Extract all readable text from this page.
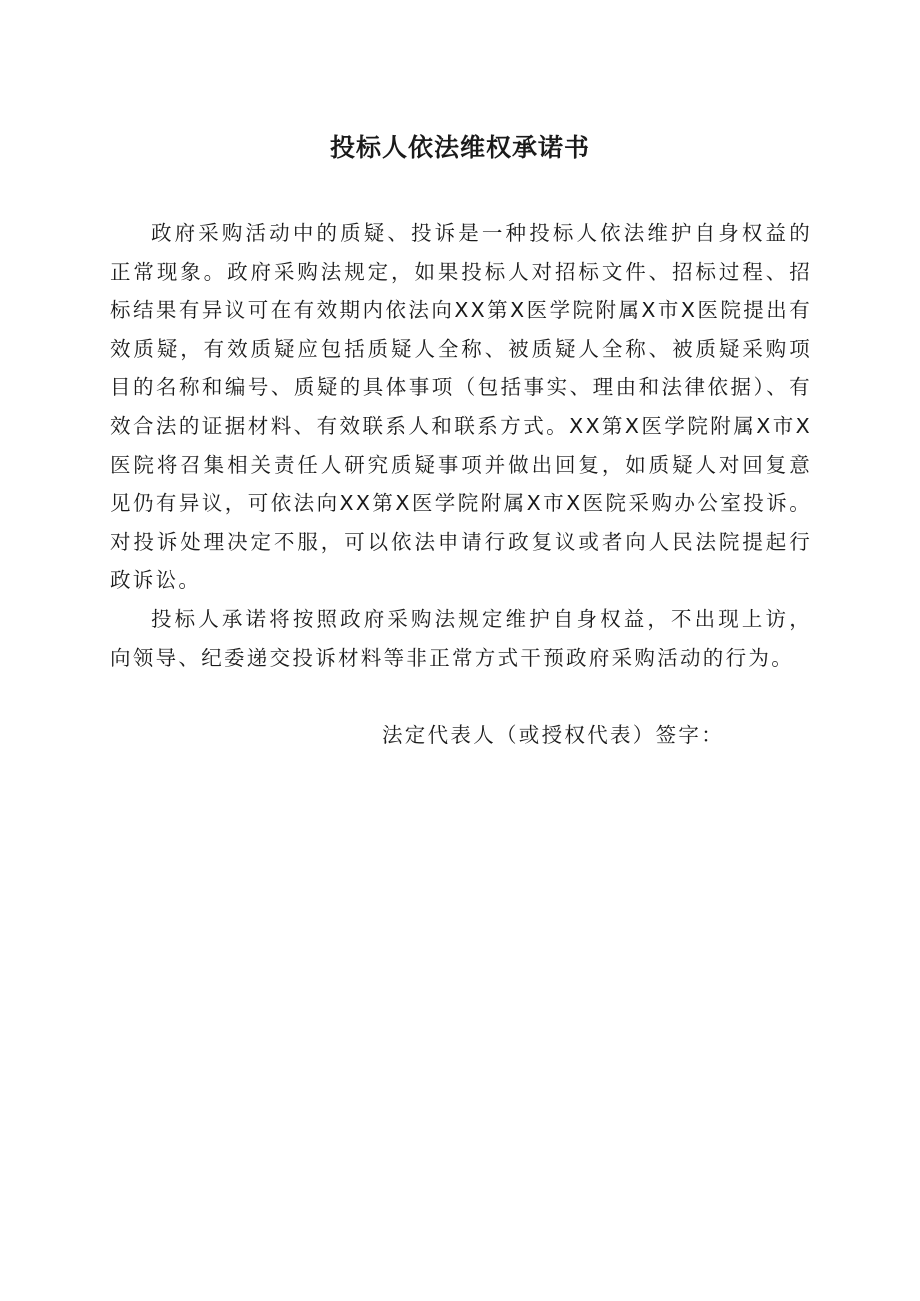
投标人依法维权承诺书

政府采购活动中的质疑、投诉是一种投标人依法维护自身权益的正常现象。政府采购法规定，如果投标人对招标文件、招标过程、招标结果有异议可在有效期内依法向XX第X医学院附属X市X医院提出有效质疑，有效质疑应包括质疑人全称、被质疑人全称、被质疑采购项目的名称和编号、质疑的具体事项（包括事实、理由和法律依据）、有效合法的证据材料、有效联系人和联系方式。XX第X医学院附属X市X医院将召集相关责任人研究质疑事项并做出回复，如质疑人对回复意见仍有异议，可依法向XX第X医学院附属X市X医院采购办公室投诉。对投诉处理决定不服，可以依法申请行政复议或者向人民法院提起行政诉讼。

投标人承诺将按照政府采购法规定维护自身权益，不出现上访，向领导、纪委递交投诉材料等非正常方式干预政府采购活动的行为。

法定代表人（或授权代表）签字：
